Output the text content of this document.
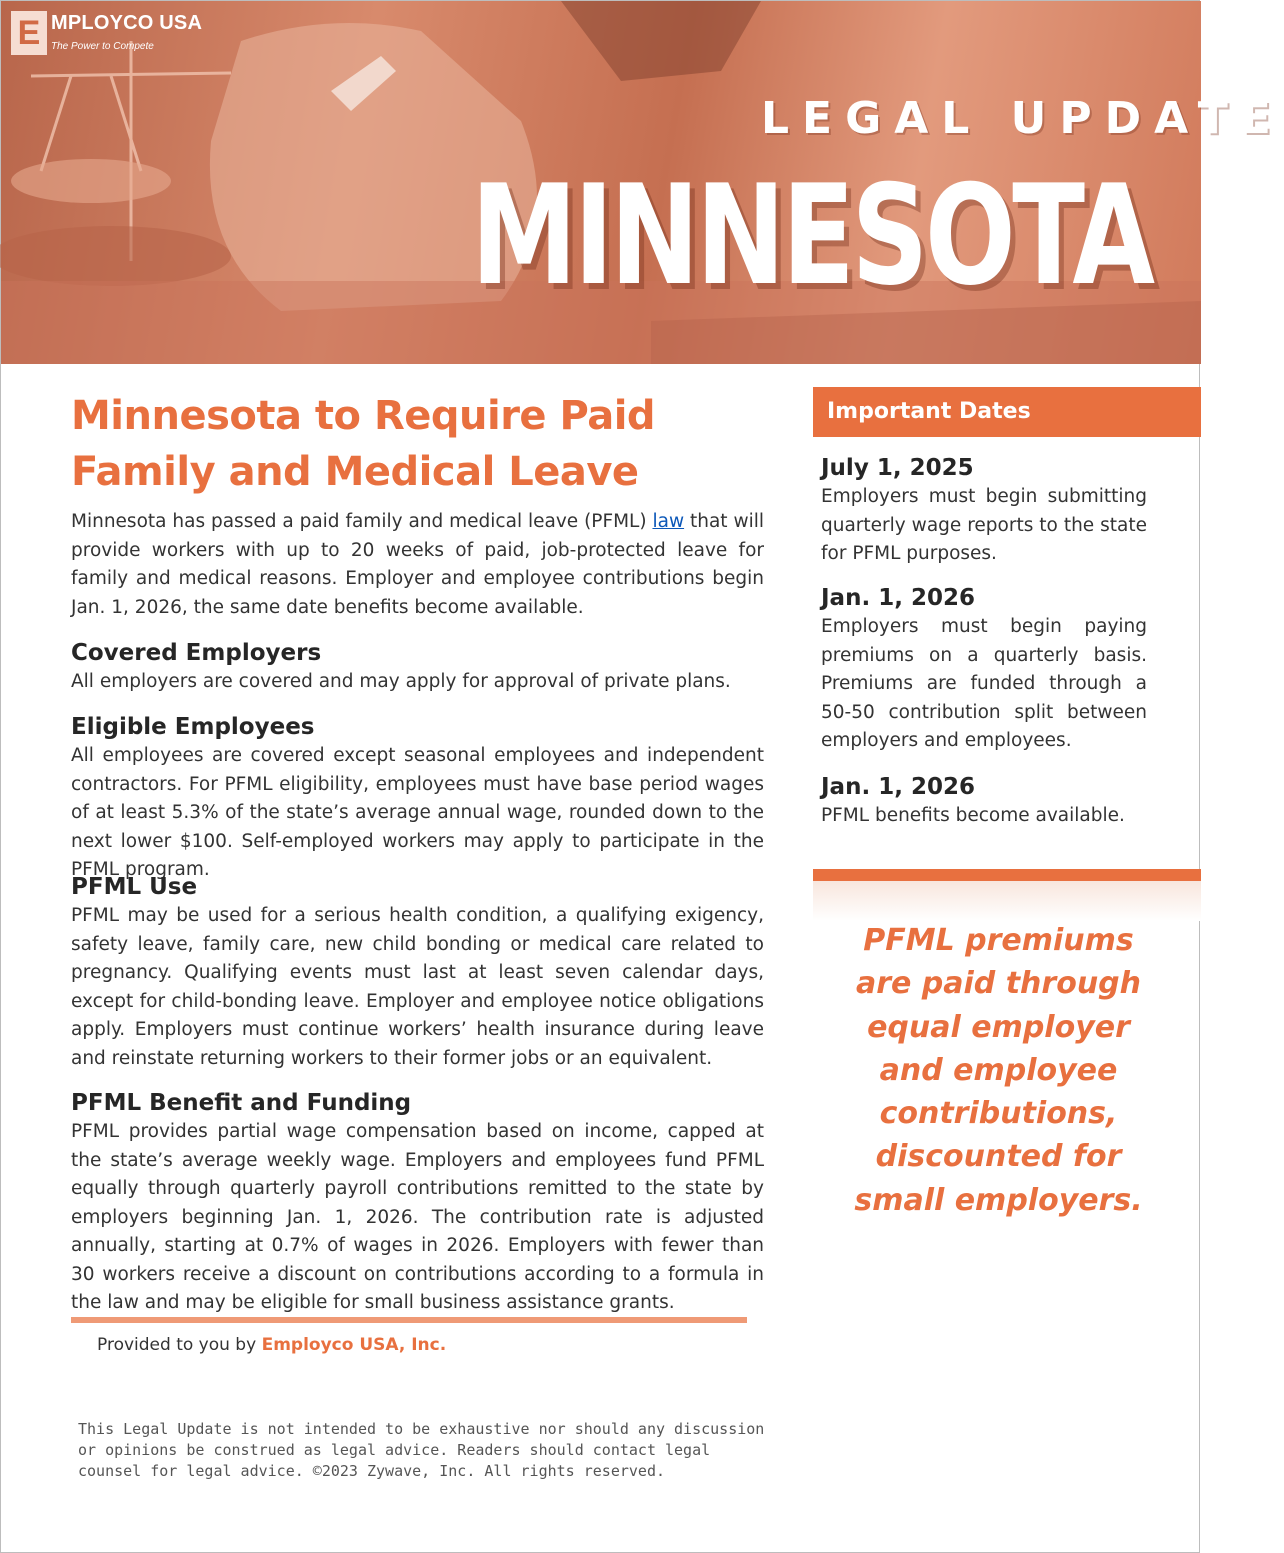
E MPLOYCO USA
The Power to Compete
LEGAL UPDATE
MINNESOTA
Minnesota to Require Paid Family and Medical Leave

Minnesota has passed a paid family and medical leave (PFML) law that will provide workers with up to 20 weeks of paid, job-protected leave for family and medical reasons. Employer and employee contributions begin Jan. 1, 2026, the same date benefits become available.

Covered Employers

All employers are covered and may apply for approval of private plans.

Eligible Employees

All employees are covered except seasonal employees and independent contractors. For PFML eligibility, employees must have base period wages of at least 5.3% of the state’s average annual wage, rounded down to the next lower $100. Self-employed workers may apply to participate in the PFML program.

PFML Use

PFML may be used for a serious health condition, a qualifying exigency, safety leave, family care, new child bonding or medical care related to pregnancy. Qualifying events must last at least seven calendar days, except for child-bonding leave. Employer and employee notice obligations apply. Employers must continue workers’ health insurance during leave and reinstate returning workers to their former jobs or an equivalent.

PFML Benefit and Funding

PFML provides partial wage compensation based on income, capped at the state’s average weekly wage. Employers and employees fund PFML equally through quarterly payroll contributions remitted to the state by employers beginning Jan. 1, 2026. The contribution rate is adjusted annually, starting at 0.7% of wages in 2026. Employers with fewer than 30 workers receive a discount on contributions according to a formula in the law and may be eligible for small business assistance grants.

Provided to you by Employco USA, Inc.

This Legal Update is not intended to be exhaustive nor should any discussion or opinions be construed as legal advice. Readers should contact legal counsel for legal advice. ©2023 Zywave, Inc. All rights reserved.

Important Dates
July 1, 2025

Employers must begin submitting quarterly wage reports to the state for PFML purposes.

Jan. 1, 2026

Employers must begin paying premiums on a quarterly basis. Premiums are funded through a 50-50 contribution split between employers and employees.

Jan. 1, 2026

PFML benefits become available.

PFML premiums are paid through equal employer and employee contributions, discounted for small employers.
